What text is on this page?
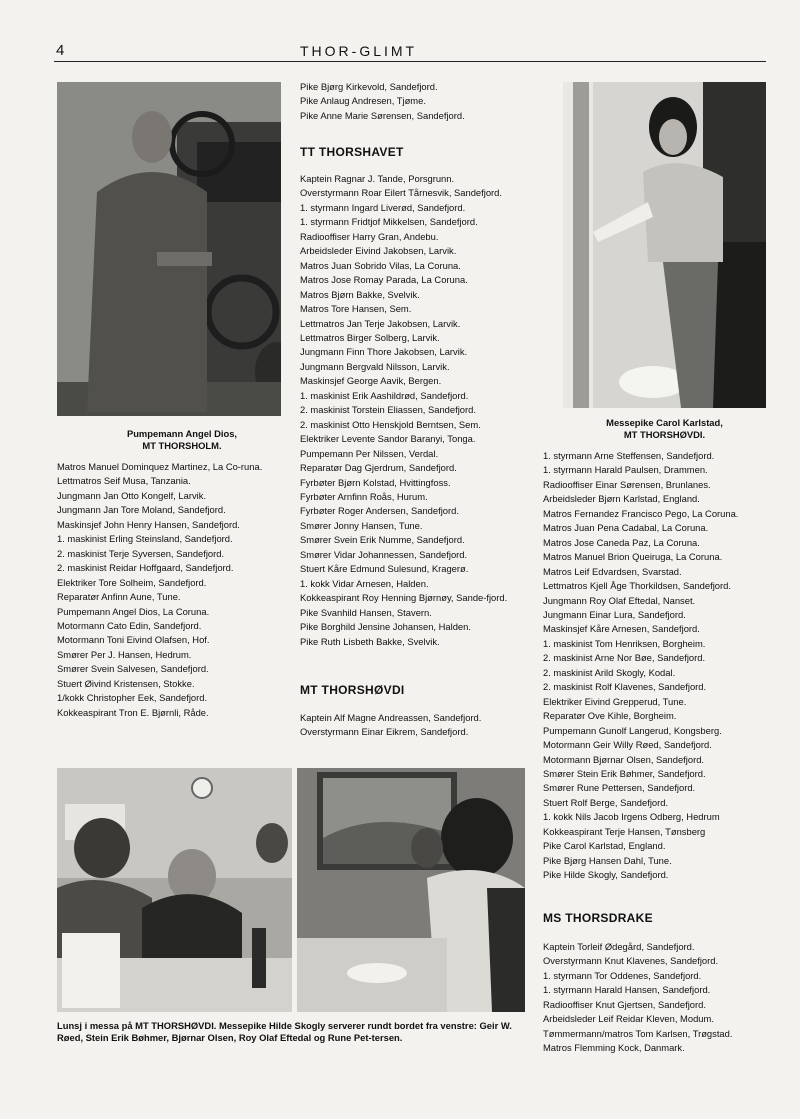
4	THOR-GLIMT
Pumpemann Angel Dios,
MT THORSHOLM.
Messepike Carol Karlstad,
MT THORSHØVDI.
Lunsj i messa på MT THORSHØVDI. Messepike Hilde Skogly serverer rundt bordet fra venstre: Geir W. Røed, Stein Erik Bøhmer, Bjørnar Olsen, Roy Olaf Eftedal og Rune Pet-tersen.
Matros Manuel Dominquez Martinez, La Co-runa.
Lettmatros Seif Musa, Tanzania.
Jungmann Jan Otto Kongelf, Larvik.
Jungmann Jan Tore Moland, Sandefjord.
Maskinsjef John Henry Hansen, Sandefjord.
1. maskinist Erling Steinsland, Sandefjord.
2. maskinist Terje Syversen, Sandefjord.
2. maskinist Reidar Hoffgaard, Sandefjord.
Elektriker Tore Solheim, Sandefjord.
Reparatør Anfinn Aune, Tune.
Pumpemann Angel Dios, La Coruna.
Motormann Cato Edin, Sandefjord.
Motormann Toni Eivind Olafsen, Hof.
Smører Per J. Hansen, Hedrum.
Smører Svein Salvesen, Sandefjord.
Stuert Øivind Kristensen, Stokke.
1/kokk Christopher Eek, Sandefjord.
Kokkeaspirant Tron E. Bjørnli, Råde.
Pike Bjørg Kirkevold, Sandefjord.
Pike Anlaug Andresen, Tjøme.
Pike Anne Marie Sørensen, Sandefjord.
TT THORSHAVET
Kaptein Ragnar J. Tande, Porsgrunn.
Overstyrmann Roar Eilert Tårnesvik, Sandefjord.
1. styrmann Ingard Liverød, Sandefjord.
1. styrmann Fridtjof Mikkelsen, Sandefjord.
Radiooffiser Harry Gran, Andebu.
Arbeidsleder Eivind Jakobsen, Larvik.
Matros Juan Sobrido Vilas, La Coruna.
Matros Jose Romay Parada, La Coruna.
Matros Bjørn Bakke, Svelvik.
Matros Tore Hansen, Sem.
Lettmatros Jan Terje Jakobsen, Larvik.
Lettmatros Birger Solberg, Larvik.
Jungmann Finn Thore Jakobsen, Larvik.
Jungmann Bergvald Nilsson, Larvik.
Maskinsjef George Aavik, Bergen.
1. maskinist Erik Aashildrød, Sandefjord.
2. maskinist Torstein Eliassen, Sandefjord.
2. maskinist Otto Henskjold Berntsen, Sem.
Elektriker Levente Sandor Baranyi, Tonga.
Pumpemann Per Nilssen, Verdal.
Reparatør Dag Gjerdrum, Sandefjord.
Fyrbøter Bjørn Kolstad, Hvittingfoss.
Fyrbøter Arnfinn Roås, Hurum.
Fyrbøter Roger Andersen, Sandefjord.
Smører Jonny Hansen, Tune.
Smører Svein Erik Numme, Sandefjord.
Smører Vidar Johannessen, Sandefjord.
Stuert Kåre Edmund Sulesund, Kragerø.
1. kokk Vidar Arnesen, Halden.
Kokkeaspirant Roy Henning Bjørnøy, Sande-fjord.
Pike Svanhild Hansen, Stavern.
Pike Borghild Jensine Johansen, Halden.
Pike Ruth Lisbeth Bakke, Svelvik.
MT THORSHØVDI
Kaptein Alf Magne Andreassen, Sandefjord.
Overstyrmann Einar Eikrem, Sandefjord.
1. styrmann Arne Steffensen, Sandefjord.
1. styrmann Harald Paulsen, Drammen.
Radiooffiser Einar Sørensen, Brunlanes.
Arbeidsleder Bjørn Karlstad, England.
Matros Fernandez Francisco Pego, La Coruna.
Matros Juan Pena Cadabal, La Coruna.
Matros Jose Caneda Paz, La Coruna.
Matros Manuel Brion Queiruga, La Coruna.
Matros Leif Edvardsen, Svarstad.
Lettmatros Kjell Åge Thorkildsen, Sandefjord.
Jungmann Roy Olaf Eftedal, Nanset.
Jungmann Einar Lura, Sandefjord.
Maskinsjef Kåre Arnesen, Sandefjord.
1. maskinist Tom Henriksen, Borgheim.
2. maskinist Arne Nor Bøe, Sandefjord.
2. maskinist Arild Skogly, Kodal.
2. maskinist Rolf Klavenes, Sandefjord.
Elektriker Eivind Grepperud, Tune.
Reparatør Ove Kihle, Borgheim.
Pumpemann Gunolf Langerud, Kongsberg.
Motormann Geir Willy Røed, Sandefjord.
Motormann Bjørnar Olsen, Sandefjord.
Smører Stein Erik Bøhmer, Sandefjord.
Smører Rune Pettersen, Sandefjord.
Stuert Rolf Berge, Sandefjord.
1. kokk Nils Jacob Irgens Odberg, Hedrum
Kokkeaspirant Terje Hansen, Tønsberg
Pike Carol Karlstad, England.
Pike Bjørg Hansen Dahl, Tune.
Pike Hilde Skogly, Sandefjord.
MS THORSDRAKE
Kaptein Torleif Ødegård, Sandefjord.
Overstyrmann Knut Klavenes, Sandefjord.
1. styrmann Tor Oddenes, Sandefjord.
1. styrmann Harald Hansen, Sandefjord.
Radiooffiser Knut Gjertsen, Sandefjord.
Arbeidsleder Leif Reidar Kleven, Modum.
Tømmermann/matros Tom Karlsen, Trøgstad.
Matros Flemming Kock, Danmark.
